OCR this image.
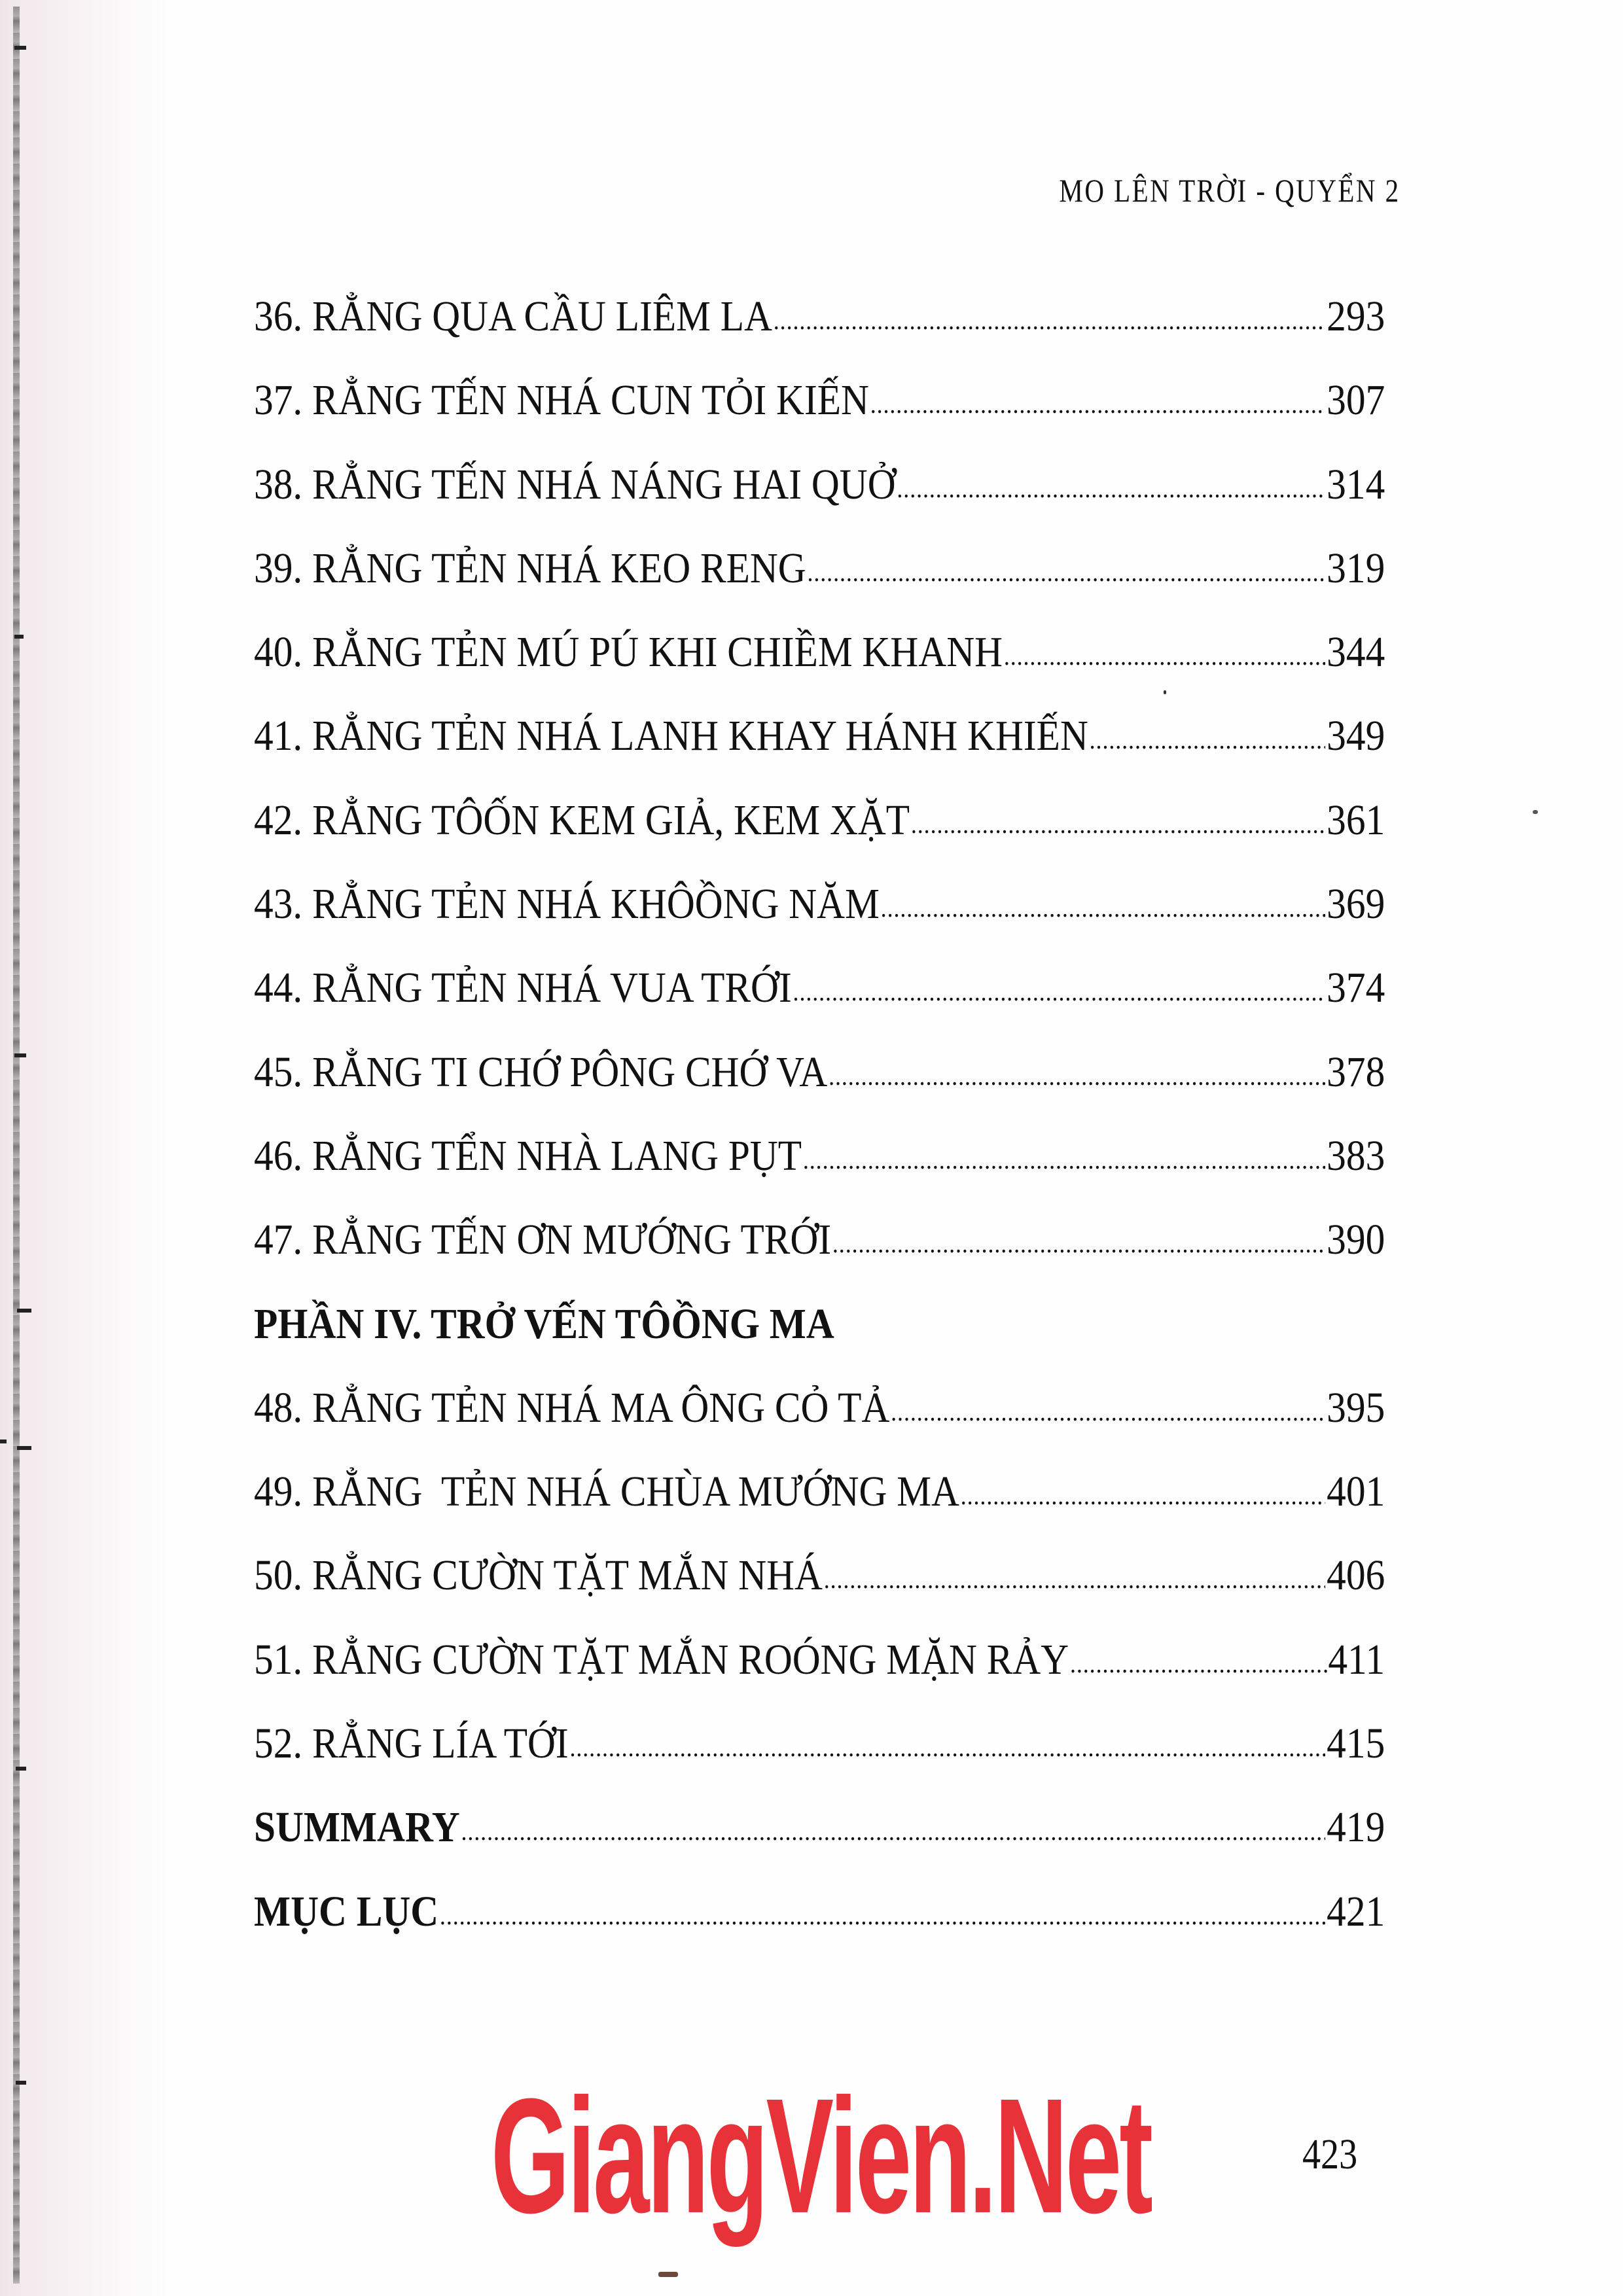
MO LÊN TRỜI - QUYỂN 2
36. RẲNG QUA CẦU LIÊM LA .....	293
37. RẲNG TẾN NHÁ CUN TỎI KIẾN .....	307
38. RẲNG TẾN NHÁ NÁNG HAI QUỞ .....	314
39. RẲNG TẺN NHÁ KEO RENG .....	319
40. RẲNG TẺN MÚ PÚ KHI CHIỀM KHANH .....	344
41. RẲNG TẺN NHÁ LANH KHAY HÁNH KHIẾN .....	349
42. RẲNG TÔỐN KEM GIẢ, KEM XẶT .....	361
43. RẲNG TẺN NHÁ KHÔỒNG NĂM .....	369
44. RẲNG TẺN NHÁ VUA TRỚI .....	374
45. RẲNG TI CHỚ PÔNG CHỚ VA .....	378
46. RẲNG TỂN NHÀ LANG PỤT .....	383
47. RẲNG TẾN ƠN MƯỚNG TRỚI .....	390
PHẦN IV. TRỞ VẾN TÔỒNG MA
48. RẲNG TẺN NHÁ MA ÔNG CỎ TẢ .....	395
49. RẲNG  TẺN NHÁ CHÙA MƯỚNG MA .....	401
50. RẲNG CƯỜN TẶT MẮN NHÁ .....	406
51. RẲNG CƯỜN TẶT MẮN ROÓNG MẶN RẢY .....	411
52. RẲNG LÍA TỚI .....	415
SUMMARY .....	419
MỤC LỤC .....	421
GiangVien.Net	423
